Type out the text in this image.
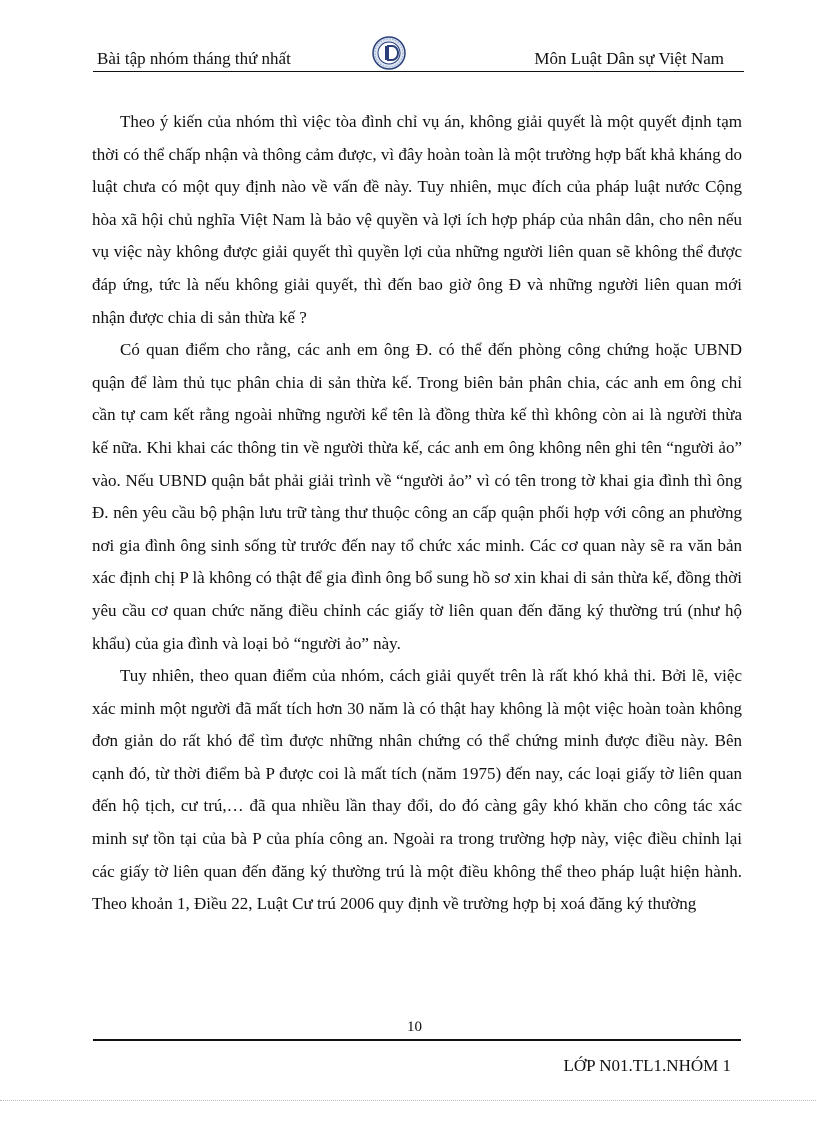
Bài tập nhóm tháng thứ nhất	Môn Luật Dân sự Việt Nam

Theo ý kiến của nhóm thì việc tòa đình chỉ vụ án, không giải quyết là một quyết định tạm thời có thể chấp nhận và thông cảm được, vì đây hoàn toàn là một trường hợp bất khả kháng do luật chưa có một quy định nào về vấn đề này. Tuy nhiên, mục đích của pháp luật nước Cộng hòa xã hội chủ nghĩa Việt Nam là bảo vệ quyền và lợi ích hợp pháp của nhân dân, cho nên nếu vụ việc này không được giải quyết thì quyền lợi của những người liên quan sẽ không thể được đáp ứng, tức là nếu không giải quyết, thì đến bao giờ ông Đ và những người liên quan mới nhận được chia di sản thừa kế ?

Có quan điểm cho rằng, các anh em ông Đ. có thể đến phòng công chứng hoặc UBND quận để làm thủ tục phân chia di sản thừa kế. Trong biên bản phân chia, các anh em ông chỉ cần tự cam kết rằng ngoài những người kể tên là đồng thừa kế thì không còn ai là người thừa kế nữa. Khi khai các thông tin về người thừa kế, các anh em ông không nên ghi tên “người ảo” vào. Nếu UBND quận bắt phải giải trình về “người ảo” vì có tên trong tờ khai gia đình thì ông Đ. nên yêu cầu bộ phận lưu trữ tàng thư thuộc công an cấp quận phối hợp với công an phường nơi gia đình ông sinh sống từ trước đến nay tổ chức xác minh. Các cơ quan này sẽ ra văn bản xác định chị P là không có thật để gia đình ông bổ sung hồ sơ xin khai di sản thừa kế, đồng thời yêu cầu cơ quan chức năng điều chỉnh các giấy tờ liên quan đến đăng ký thường trú (như hộ khẩu) của gia đình và loại bỏ “người ảo” này.

Tuy nhiên, theo quan điểm của nhóm, cách giải quyết trên là rất khó khả thi. Bởi lẽ, việc xác minh một người đã mất tích hơn 30 năm là có thật hay không là một việc hoàn toàn không đơn giản do rất khó để tìm được những nhân chứng có thể chứng minh được điều này. Bên cạnh đó, từ thời điểm bà P được coi là mất tích (năm 1975) đến nay, các loại giấy tờ liên quan đến hộ tịch, cư trú,… đã qua nhiều lần thay đổi, do đó càng gây khó khăn cho công tác xác minh sự tồn tại của bà P của phía công an. Ngoài ra trong trường hợp này, việc điều chỉnh lại các giấy tờ liên quan đến đăng ký thường trú là một điều không thể theo pháp luật hiện hành. Theo khoản 1, Điều 22, Luật Cư trú 2006 quy định về trường hợp bị xoá đăng ký thường

10
LỚP N01.TL1.NHÓM 1
